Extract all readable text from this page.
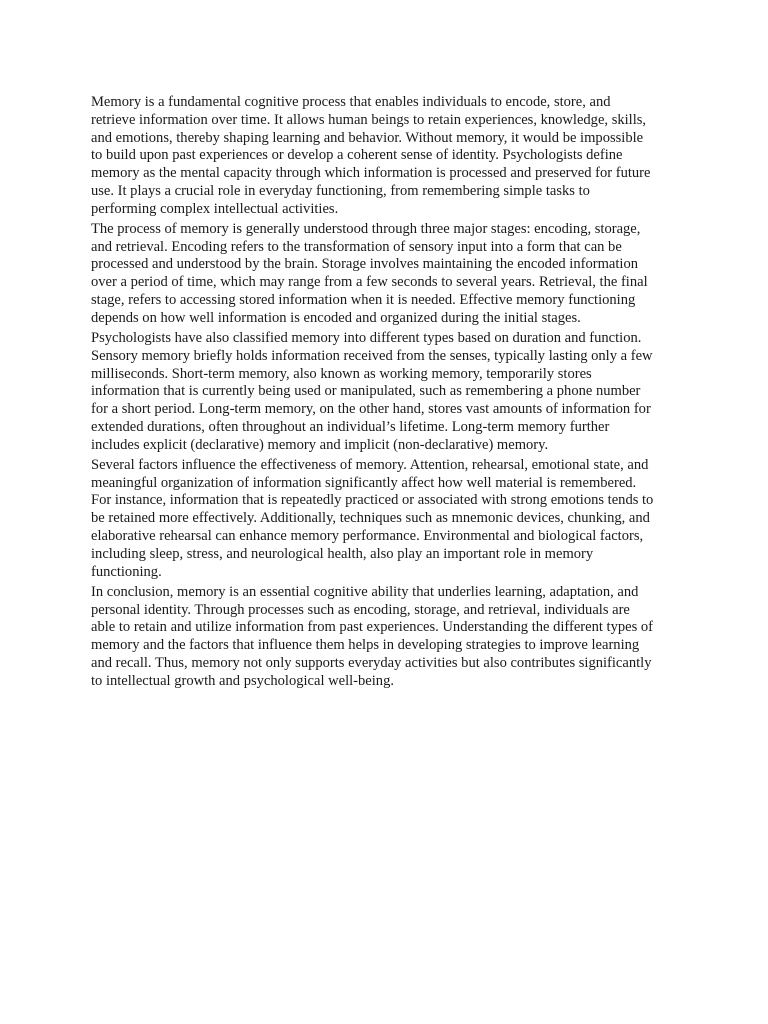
Memory is a fundamental cognitive process that enables individuals to encode, store, and
retrieve information over time. It allows human beings to retain experiences, knowledge, skills,
and emotions, thereby shaping learning and behavior. Without memory, it would be impossible
to build upon past experiences or develop a coherent sense of identity. Psychologists define
memory as the mental capacity through which information is processed and preserved for future
use. It plays a crucial role in everyday functioning, from remembering simple tasks to
performing complex intellectual activities.

The process of memory is generally understood through three major stages: encoding, storage,
and retrieval. Encoding refers to the transformation of sensory input into a form that can be
processed and understood by the brain. Storage involves maintaining the encoded information
over a period of time, which may range from a few seconds to several years. Retrieval, the final
stage, refers to accessing stored information when it is needed. Effective memory functioning
depends on how well information is encoded and organized during the initial stages.

Psychologists have also classified memory into different types based on duration and function.
Sensory memory briefly holds information received from the senses, typically lasting only a few
milliseconds. Short-term memory, also known as working memory, temporarily stores
information that is currently being used or manipulated, such as remembering a phone number
for a short period. Long-term memory, on the other hand, stores vast amounts of information for
extended durations, often throughout an individual’s lifetime. Long-term memory further
includes explicit (declarative) memory and implicit (non-declarative) memory.

Several factors influence the effectiveness of memory. Attention, rehearsal, emotional state, and
meaningful organization of information significantly affect how well material is remembered.
For instance, information that is repeatedly practiced or associated with strong emotions tends to
be retained more effectively. Additionally, techniques such as mnemonic devices, chunking, and
elaborative rehearsal can enhance memory performance. Environmental and biological factors,
including sleep, stress, and neurological health, also play an important role in memory
functioning.

In conclusion, memory is an essential cognitive ability that underlies learning, adaptation, and
personal identity. Through processes such as encoding, storage, and retrieval, individuals are
able to retain and utilize information from past experiences. Understanding the different types of
memory and the factors that influence them helps in developing strategies to improve learning
and recall. Thus, memory not only supports everyday activities but also contributes significantly
to intellectual growth and psychological well-being.
